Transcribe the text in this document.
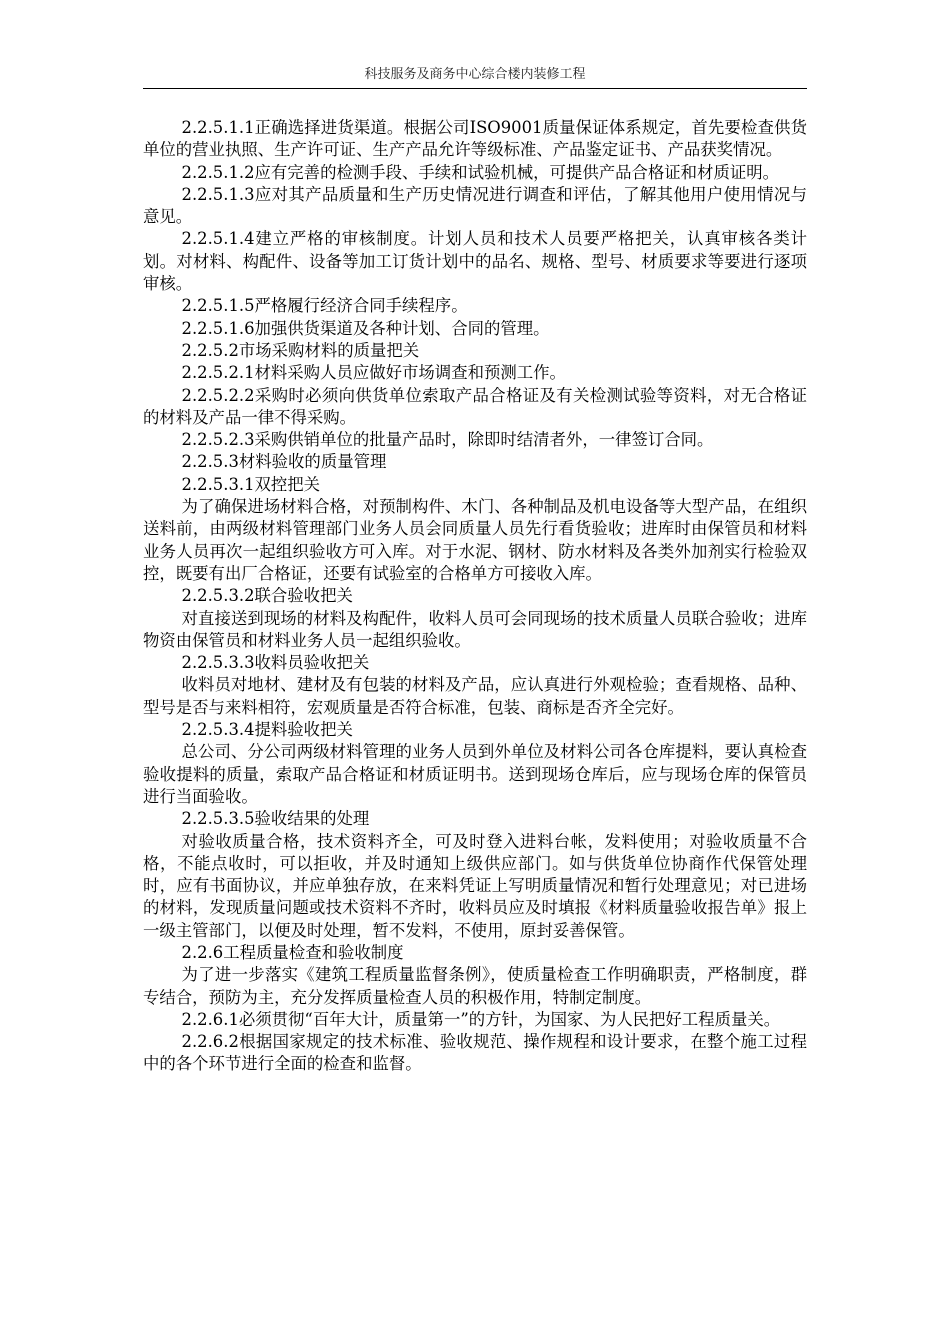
科技服务及商务中心综合楼内装修工程

2.2.5.1.1正确选择进货渠道。根据公司ISO9001质量保证体系规定，首先要检查供货单位的营业执照、生产许可证、生产产品允许等级标准、产品鉴定证书、产品获奖情况。

2.2.5.1.2应有完善的检测手段、手续和试验机械，可提供产品合格证和材质证明。

2.2.5.1.3应对其产品质量和生产历史情况进行调查和评估，了解其他用户使用情况与意见。

2.2.5.1.4建立严格的审核制度。计划人员和技术人员要严格把关，认真审核各类计划。对材料、构配件、设备等加工订货计划中的品名、规格、型号、材质要求等要进行逐项审核。

2.2.5.1.5严格履行经济合同手续程序。

2.2.5.1.6加强供货渠道及各种计划、合同的管理。

2.2.5.2市场采购材料的质量把关

2.2.5.2.1材料采购人员应做好市场调查和预测工作。

2.2.5.2.2采购时必须向供货单位索取产品合格证及有关检测试验等资料，对无合格证的材料及产品一律不得采购。

2.2.5.2.3采购供销单位的批量产品时，除即时结清者外，一律签订合同。

2.2.5.3材料验收的质量管理

2.2.5.3.1双控把关

为了确保进场材料合格，对预制构件、木门、各种制品及机电设备等大型产品，在组织送料前，由两级材料管理部门业务人员会同质量人员先行看货验收；进库时由保管员和材料业务人员再次一起组织验收方可入库。对于水泥、钢材、防水材料及各类外加剂实行检验双控，既要有出厂合格证，还要有试验室的合格单方可接收入库。

2.2.5.3.2联合验收把关

对直接送到现场的材料及构配件，收料人员可会同现场的技术质量人员联合验收；进库物资由保管员和材料业务人员一起组织验收。

2.2.5.3.3收料员验收把关

收料员对地材、建材及有包装的材料及产品，应认真进行外观检验；查看规格、品种、型号是否与来料相符，宏观质量是否符合标准，包装、商标是否齐全完好。

2.2.5.3.4提料验收把关

总公司、分公司两级材料管理的业务人员到外单位及材料公司各仓库提料，要认真检查验收提料的质量，索取产品合格证和材质证明书。送到现场仓库后，应与现场仓库的保管员进行当面验收。

2.2.5.3.5验收结果的处理

对验收质量合格，技术资料齐全，可及时登入进料台帐，发料使用；对验收质量不合格，不能点收时，可以拒收，并及时通知上级供应部门。如与供货单位协商作代保管处理时，应有书面协议，并应单独存放，在来料凭证上写明质量情况和暂行处理意见；对已进场的材料，发现质量问题或技术资料不齐时，收料员应及时填报《材料质量验收报告单》报上一级主管部门，以便及时处理，暂不发料，不使用，原封妥善保管。

2.2.6工程质量检查和验收制度

为了进一步落实《建筑工程质量监督条例》，使质量检查工作明确职责，严格制度，群专结合，预防为主，充分发挥质量检查人员的积极作用，特制定制度。

2.2.6.1必须贯彻“百年大计，质量第一”的方针，为国家、为人民把好工程质量关。

2.2.6.2根据国家规定的技术标准、验收规范、操作规程和设计要求，在整个施工过程中的各个环节进行全面的检查和监督。
